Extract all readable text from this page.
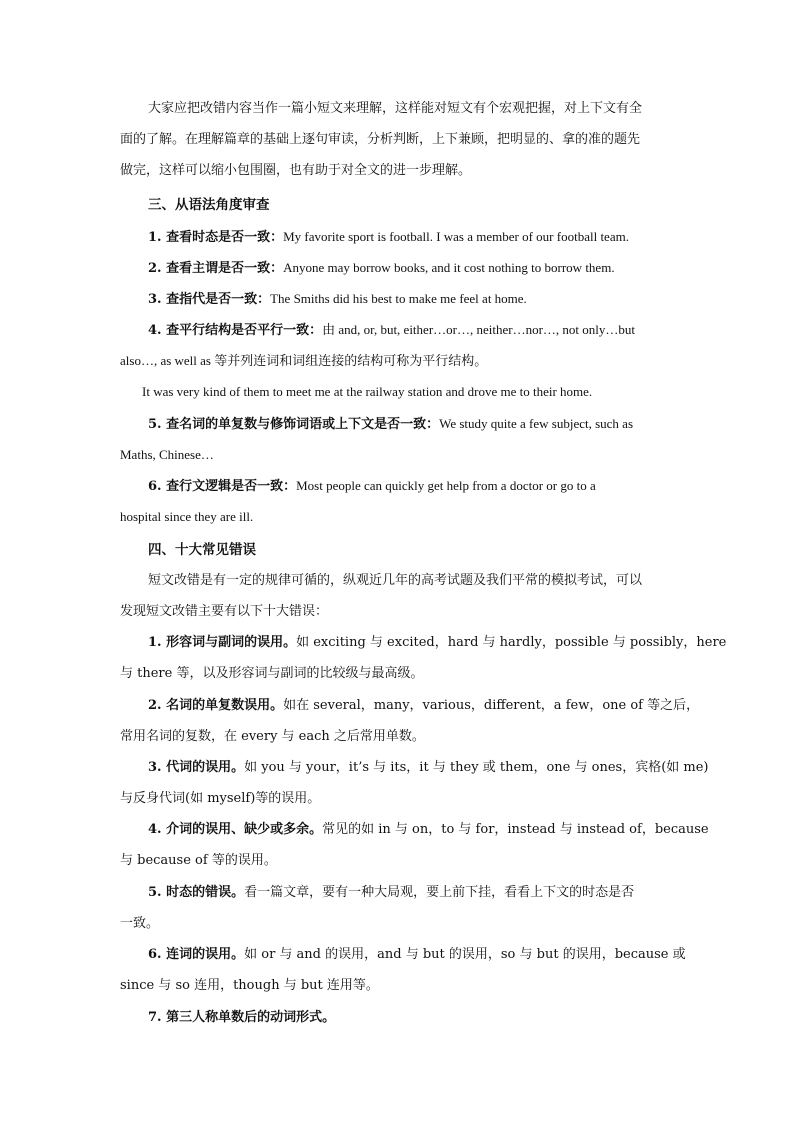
大家应把改错内容当作一篇小短文来理解，这样能对短文有个宏观把握，对上下文有全

面的了解。在理解篇章的基础上逐句审读，分析判断，上下兼顾，把明显的、拿的准的题先

做完，这样可以缩小包围圈，也有助于对全文的进一步理解。

三、从语法角度审查

1. 查看时态是否一致：My favorite sport is football. I was a member of our football team.

2. 查看主谓是否一致：Anyone may borrow books, and it cost nothing to borrow them.

3. 查指代是否一致：The Smiths did his best to make me feel at home.

4. 查平行结构是否平行一致：由 and, or, but, either…or…, neither…nor…, not only…but

also…, as well as 等并列连词和词组连接的结构可称为平行结构。

It was very kind of them to meet me at the railway station and drove me to their home.

5. 查名词的单复数与修饰词语或上下文是否一致：We study quite a few subject, such as

Maths, Chinese…

6. 查行文逻辑是否一致：Most people can quickly get help from a doctor or go to a

hospital since they are ill.

四、十大常见错误

短文改错是有一定的规律可循的，纵观近几年的高考试题及我们平常的模拟考试，可以

发现短文改错主要有以下十大错误：

1. 形容词与副词的误用。如 exciting 与 excited，hard 与 hardly，possible 与 possibly，here

与 there 等，以及形容词与副词的比较级与最高级。

2. 名词的单复数误用。如在 several，many，various，different，a few，one of 等之后，

常用名词的复数，在 every 与 each 之后常用单数。

3. 代词的误用。如 you 与 your，it’s 与 its，it 与 they 或 them，one 与 ones，宾格(如 me)

与反身代词(如 myself)等的误用。

4. 介词的误用、缺少或多余。常见的如 in 与 on，to 与 for，instead 与 instead of，because

与 because of 等的误用。

5. 时态的错误。看一篇文章，要有一种大局观，要上前下挂，看看上下文的时态是否

一致。

6. 连词的误用。如 or 与 and 的误用，and 与 but 的误用，so 与 but 的误用，because 或

since 与 so 连用，though 与 but 连用等。

7. 第三人称单数后的动词形式。
